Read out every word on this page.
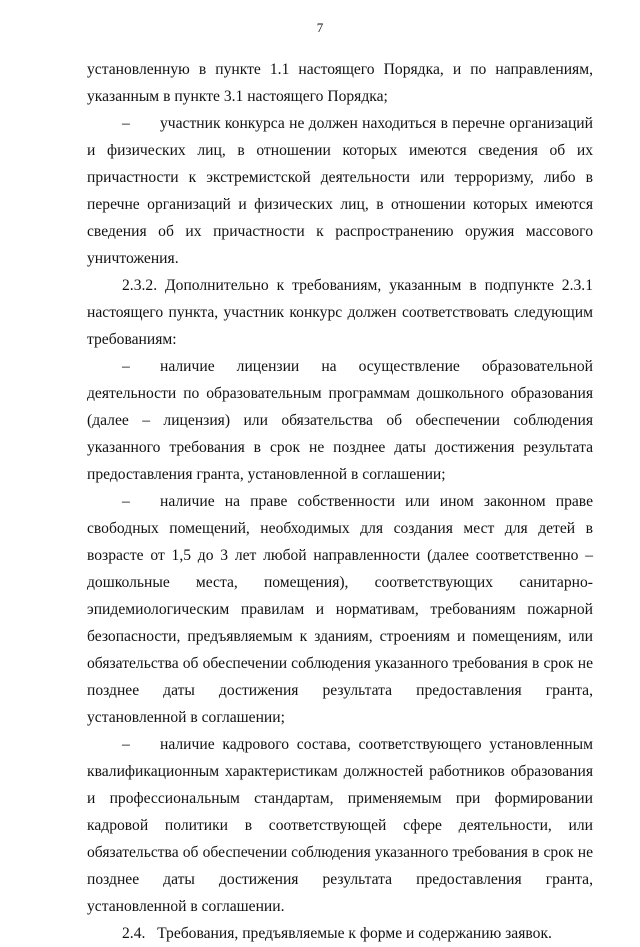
7

установленную в пункте 1.1 настоящего Порядка, и по направлениям, указанным в пункте 3.1 настоящего Порядка;

– участник конкурса не должен находиться в перечне организаций и физических лиц, в отношении которых имеются сведения об их причастности к экстремистской деятельности или терроризму, либо в перечне организаций и физических лиц, в отношении которых имеются сведения об их причастности к распространению оружия массового уничтожения.

2.3.2. Дополнительно к требованиям, указанным в подпункте 2.3.1 настоящего пункта, участник конкурс должен соответствовать следующим требованиям:

– наличие лицензии на осуществление образовательной деятельности по образовательным программам дошкольного образования (далее – лицензия) или обязательства об обеспечении соблюдения указанного требования в срок не позднее даты достижения результата предоставления гранта, установленной в соглашении;

– наличие на праве собственности или ином законном праве свободных помещений, необходимых для создания мест для детей в возрасте от 1,5 до 3 лет любой направленности (далее соответственно – дошкольные места, помещения), соответствующих санитарно-эпидемиологическим правилам и нормативам, требованиям пожарной безопасности, предъявляемым к зданиям, строениям и помещениям, или обязательства об обеспечении соблюдения указанного требования в срок не позднее даты достижения результата предоставления гранта, установленной в соглашении;

– наличие кадрового состава, соответствующего установленным квалификационным характеристикам должностей работников образования и профессиональным стандартам, применяемым при формировании кадровой политики в соответствующей сфере деятельности, или обязательства об обеспечении соблюдения указанного требования в срок не позднее даты достижения результата предоставления гранта, установленной в соглашении.

2.4.   Требования, предъявляемые к форме и содержанию заявок.
